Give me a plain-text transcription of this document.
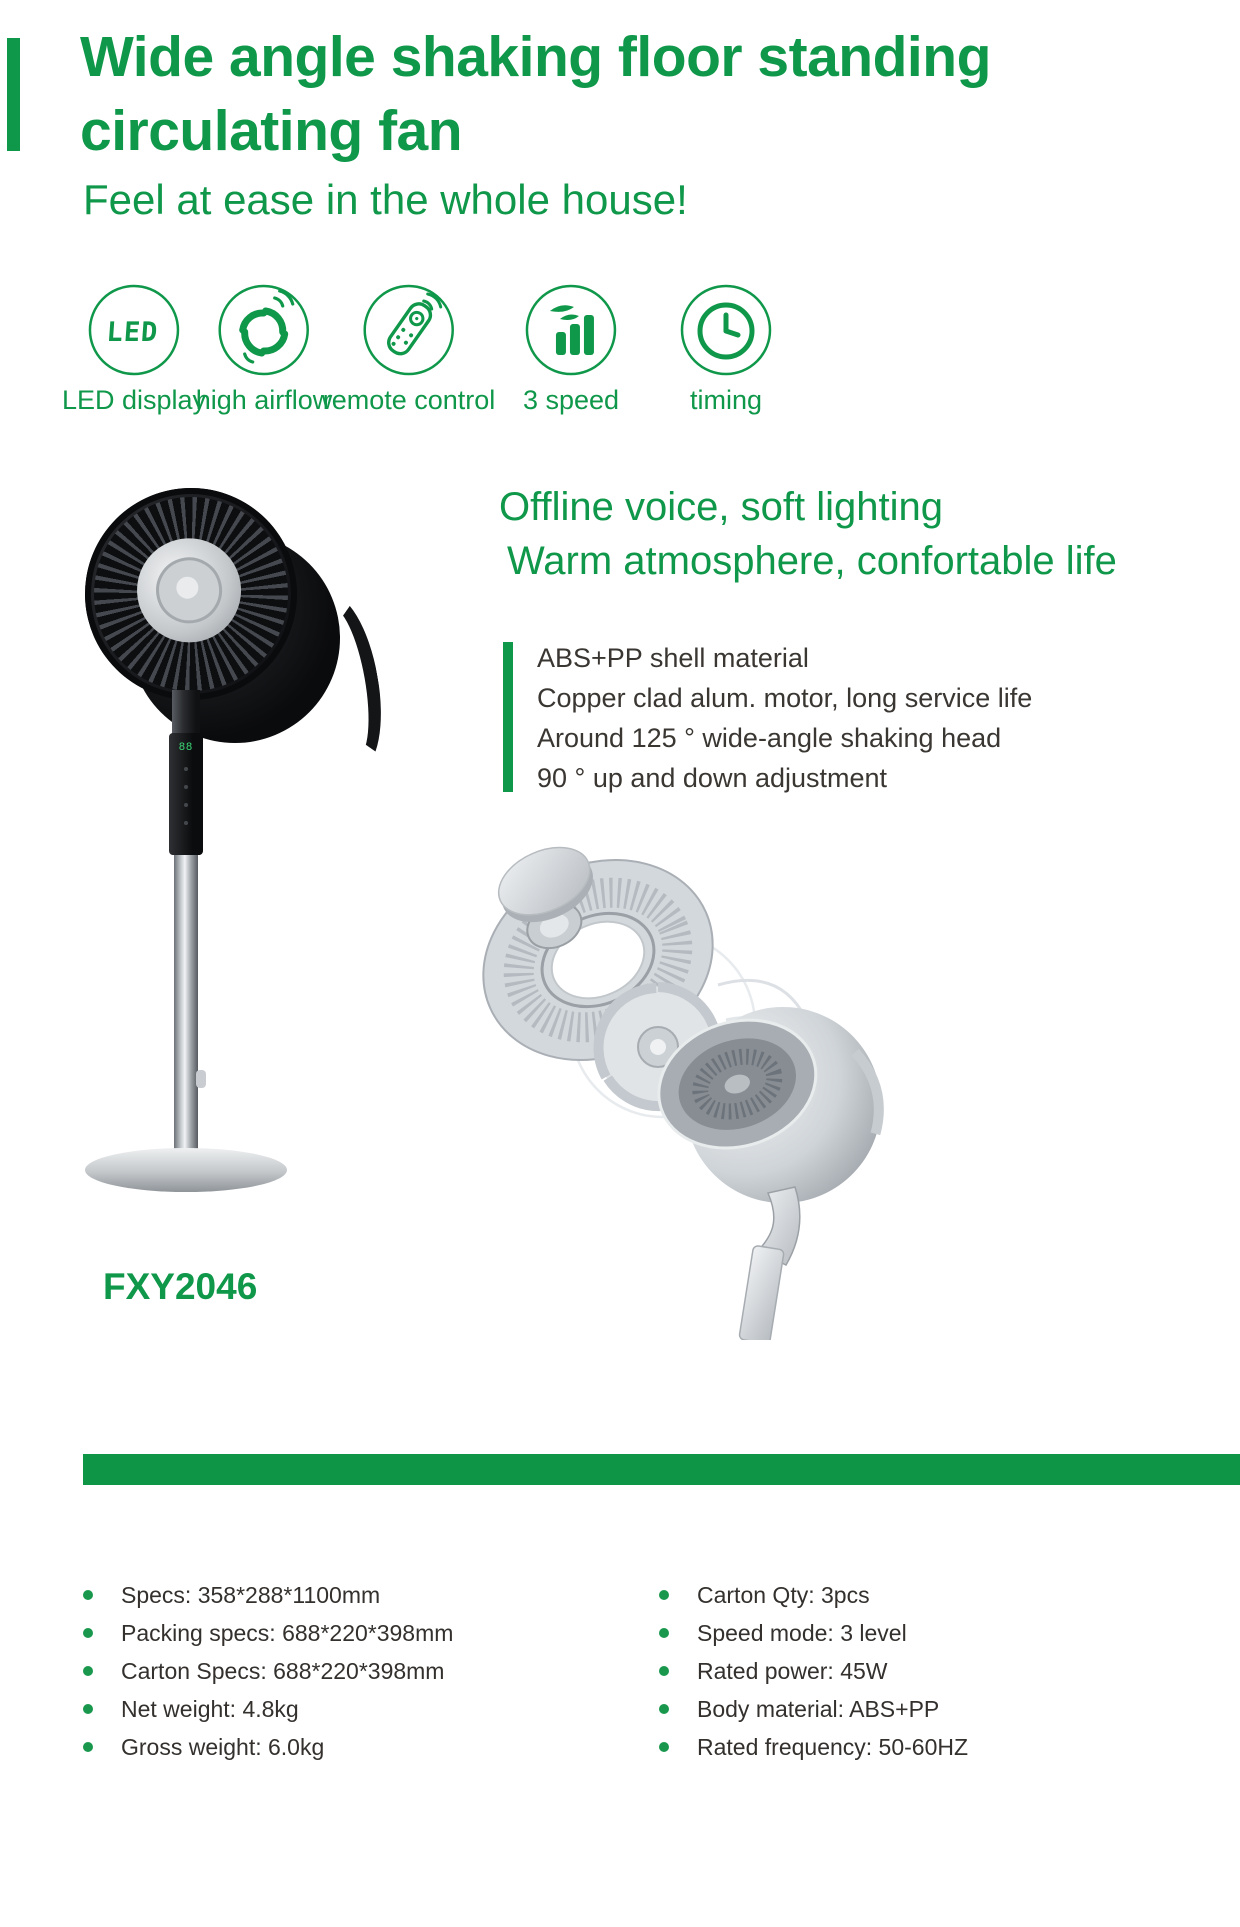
Wide angle shaking floor standing
circulating fan
Feel at ease in the whole house!
LED
LED display
high airflow
remote control 3 speed	timing
Offline voice, soft lighting
Warm atmosphere, confortable life
ABS+PP shell material
Copper clad alum. motor, long service life
Around 125 ° wide-angle shaking head
90 ° up and down adjustment
88
FXY2046
Specs: 358*288*1100mm
Packing specs: 688*220*398mm
Carton Specs: 688*220*398mm
Net weight: 4.8kg
Gross weight: 6.0kg
Carton Qty: 3pcs
Speed mode: 3 level
Rated power: 45W
Body material: ABS+PP
Rated frequency: 50-60HZ
